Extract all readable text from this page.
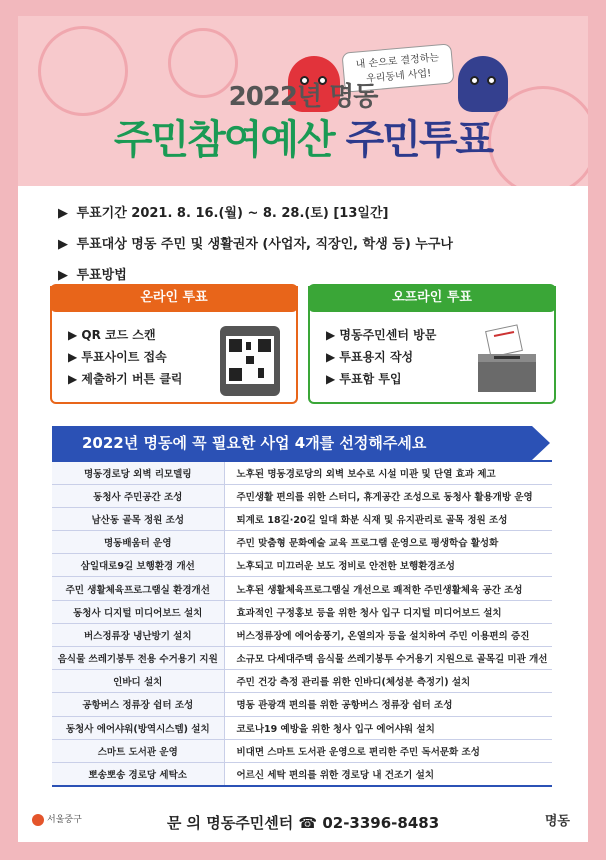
내 손으로 결정하는
우리동네 사업!
2022년 명동
주민참여예산 주민투표
▶ 투표기간 2021. 8. 16.(월) ~ 8. 28.(토) [13일간]
▶ 투표대상 명동 주민 및 생활권자 (사업자, 직장인, 학생 등) 누구나
▶ 투표방법
온라인 투표
▶ QR 코드 스캔
▶ 투표사이트 접속
▶ 제출하기 버튼 클릭
오프라인 투표
▶ 명동주민센터 방문
▶ 투표용지 작성
▶ 투표함 투입
2022년 명동에 꼭 필요한 사업 4개를 선정해주세요
명동경로당 외벽 리모델링	노후된 명동경로당의 외벽 보수로 시설 미관 및 단열 효과 제고
동청사 주민공간 조성	주민생활 편의를 위한 스터디, 휴게공간 조성으로 동청사 활용개방 운영
남산동 골목 정원 조성	퇴계로 18길·20길 일대 화분 식재 및 유지관리로 골목 정원 조성
명동배움터 운영	주민 맞춤형 문화예술 교육 프로그램 운영으로 평생학습 활성화
삼일대로9길 보행환경 개선	노후되고 미끄러운 보도 정비로 안전한 보행환경조성
주민 생활체육프로그램실 환경개선	노후된 생활체육프로그램실 개선으로 쾌적한 주민생활체육 공간 조성
동청사 디지털 미디어보드 설치	효과적인 구정홍보 등을 위한 청사 입구 디지털 미디어보드 설치
버스정류장 냉난방기 설치	버스정류장에 에어송풍기, 온열의자 등을 설치하여 주민 이용편의 증진
음식물 쓰레기봉투 전용 수거용기 지원	소규모 다세대주택 음식물 쓰레기봉투 수거용기 지원으로 골목길 미관 개선
인바디 설치	주민 건강 측정 관리를 위한 인바디(체성분 측정기) 설치
공항버스 정류장 쉼터 조성	명동 관광객 편의를 위한 공항버스 정류장 쉼터 조성
동청사 에어샤워(방역시스템) 설치	코로나19 예방을 위한 청사 입구 에어샤워 설치
스마트 도서관 운영	비대면 스마트 도서관 운영으로 편리한 주민 독서문화 조성
뽀송뽀송 경로당 세탁소	어르신 세탁 편의를 위한 경로당 내 건조기 설치
서울중구	문 의 명동주민센터 ☎ 02-3396-8483	명동
